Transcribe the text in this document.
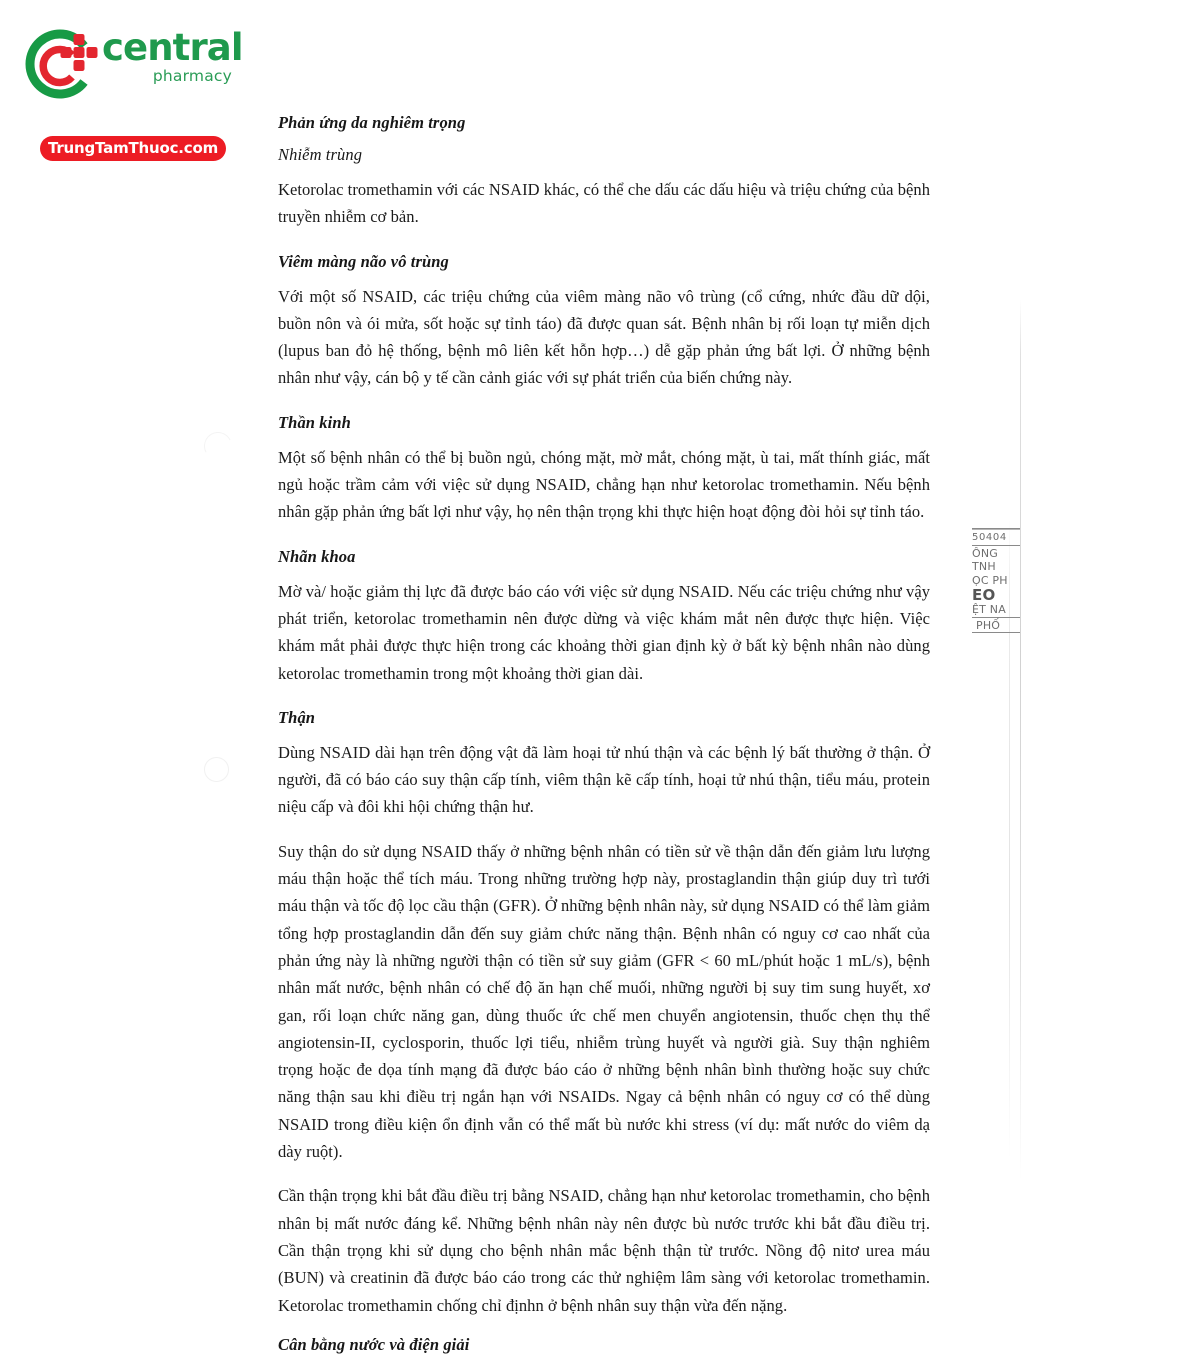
central
pharmacy
TrungTamThuoc.com
50404
ÔNG
TNH
ỌC PH
EO
ỆT NA
PHỐ
Phản ứng da nghiêm trọng
Nhiễm trùng

Ketorolac tromethamin với các NSAID khác, có thể che dấu các dấu hiệu và triệu chứng của bệnh truyền nhiễm cơ bản.

Viêm màng não vô trùng

Với một số NSAID, các triệu chứng của viêm màng não vô trùng (cổ cứng, nhức đầu dữ dội, buồn nôn và ói mửa, sốt hoặc sự tỉnh táo) đã được quan sát. Bệnh nhân bị rối loạn tự miễn dịch (lupus ban đỏ hệ thống, bệnh mô liên kết hỗn hợp…) dễ gặp phản ứng bất lợi. Ở những bệnh nhân như vậy, cán bộ y tế cần cảnh giác với sự phát triển của biến chứng này.

Thần kinh

Một số bệnh nhân có thể bị buồn ngủ, chóng mặt, mờ mắt, chóng mặt, ù tai, mất thính giác, mất ngủ hoặc trầm cảm với việc sử dụng NSAID, chẳng hạn như ketorolac tromethamin. Nếu bệnh nhân gặp phản ứng bất lợi như vậy, họ nên thận trọng khi thực hiện hoạt động đòi hỏi sự tỉnh táo.

Nhãn khoa

Mờ và/ hoặc giảm thị lực đã được báo cáo với việc sử dụng NSAID. Nếu các triệu chứng như vậy phát triển, ketorolac tromethamin nên được dừng và việc khám mắt nên được thực hiện. Việc khám mắt phải được thực hiện trong các khoảng thời gian định kỳ ở bất kỳ bệnh nhân nào dùng ketorolac tromethamin trong một khoảng thời gian dài.

Thận

Dùng NSAID dài hạn trên động vật đã làm hoại tử nhú thận và các bệnh lý bất thường ở thận. Ở người, đã có báo cáo suy thận cấp tính, viêm thận kẽ cấp tính, hoại tử nhú thận, tiểu máu, protein niệu cấp và đôi khi hội chứng thận hư.

Suy thận do sử dụng NSAID thấy ở những bệnh nhân có tiền sử về thận dẫn đến giảm lưu lượng máu thận hoặc thể tích máu. Trong những trường hợp này, prostaglandin thận giúp duy trì tưới máu thận và tốc độ lọc cầu thận (GFR). Ở những bệnh nhân này, sử dụng NSAID có thể làm giảm tổng hợp prostaglandin dẫn đến suy giảm chức năng thận. Bệnh nhân có nguy cơ cao nhất của phản ứng này là những người thận có tiền sử suy giảm (GFR < 60 mL/phút hoặc 1 mL/s), bệnh nhân mất nước, bệnh nhân có chế độ ăn hạn chế muối, những người bị suy tim sung huyết, xơ gan, rối loạn chức năng gan, dùng thuốc ức chế men chuyển angiotensin, thuốc chẹn thụ thể angiotensin-II, cyclosporin, thuốc lợi tiểu, nhiễm trùng huyết và người già. Suy thận nghiêm trọng hoặc đe dọa tính mạng đã được báo cáo ở những bệnh nhân bình thường hoặc suy chức năng thận sau khi điều trị ngắn hạn với NSAIDs. Ngay cả bệnh nhân có nguy cơ có thể dùng NSAID trong điều kiện ổn định vẫn có thể mất bù nước khi stress (ví dụ: mất nước do viêm dạ dày ruột).

Cần thận trọng khi bắt đầu điều trị bằng NSAID, chẳng hạn như ketorolac tromethamin, cho bệnh nhân bị mất nước đáng kể. Những bệnh nhân này nên được bù nước trước khi bắt đầu điều trị. Cần thận trọng khi sử dụng cho bệnh nhân mắc bệnh thận từ trước. Nồng độ nitơ urea máu (BUN) và creatinin đã được báo cáo trong các thử nghiệm lâm sàng với ketorolac tromethamin. Ketorolac tromethamin chống chỉ địnhn ở bệnh nhân suy thận vừa đến nặng.

Cân bằng nước và điện giải
